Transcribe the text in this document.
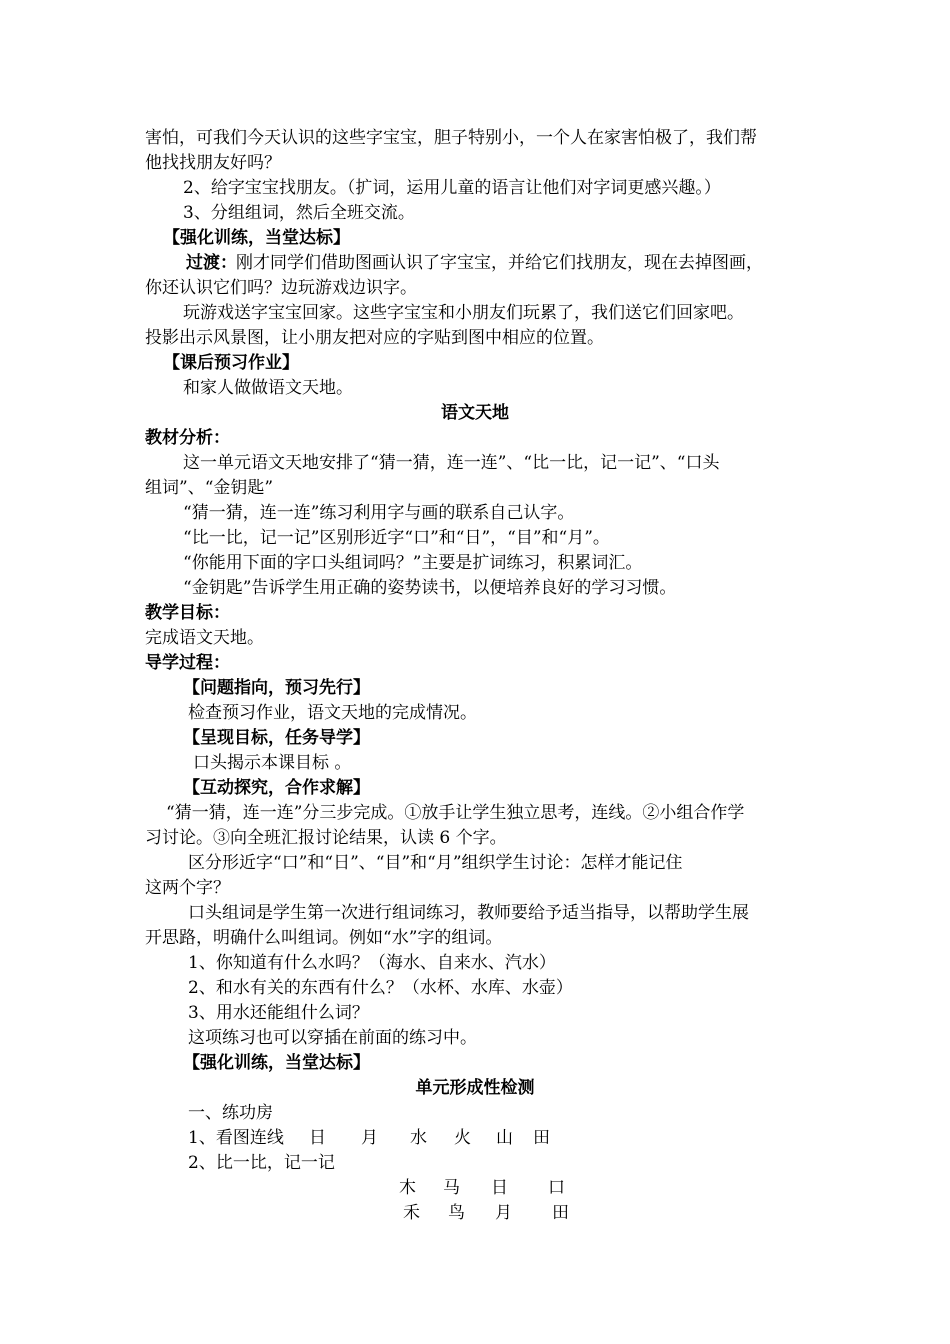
害怕，可我们今天认识的这些字宝宝，胆子特别小，一个人在家害怕极了，我们帮
他找找朋友好吗？
2、给字宝宝找朋友。（扩词，运用儿童的语言让他们对字词更感兴趣。）
3、分组组词，然后全班交流。
【强化训练，当堂达标】
过渡： 刚才同学们借助图画认识了字宝宝，并给它们找朋友，现在去掉图画，
你还认识它们吗？边玩游戏边识字。
玩游戏送字宝宝回家。这些字宝宝和小朋友们玩累了，我们送它们回家吧。
投影出示风景图，让小朋友把对应的字贴到图中相应的位置。
【课后预习作业】
和家人做做语文天地。
语文天地
教材分析：
这一单元语文天地安排了“猜一猜，连一连”、“比一比，记一记”、“口头
组词”、“金钥匙”
“猜一猜，连一连”练习利用字与画的联系自己认字。
“比一比，记一记”区别形近字“口”和“日”，“目”和“月”。
“你能用下面的字口头组词吗？”主要是扩词练习，积累词汇。
“金钥匙”告诉学生用正确的姿势读书，以便培养良好的学习习惯。
教学目标：
完成语文天地。
导学过程：
【问题指向，预习先行】
检查预习作业，语文天地的完成情况。
【呈现目标，任务导学】
口头揭示本课目标 。
【互动探究，合作求解】
“猜一猜，连一连”分三步完成。①放手让学生独立思考，连线。②小组合作学
习讨论。③向全班汇报讨论结果，认读 6 个字。
区分形近字“口”和“日”、“目”和“月”组织学生讨论：怎样才能记住
这两个字？
口头组词是学生第一次进行组词练习，教师要给予适当指导，以帮助学生展
开思路，明确什么叫组词。例如“水”字的组词。
1、你知道有什么水吗？（海水、自来水、汽水）
2、和水有关的东西有什么？（水杯、水库、水壶）
3、用水还能组什么词？
这项练习也可以穿插在前面的练习中。
【强化训练，当堂达标】
单元形成性检测
一、练功房
1、看图连线 日 月 水 火 山 田
2、比一比，记一记
木 马 日 口
禾 鸟 月 田
